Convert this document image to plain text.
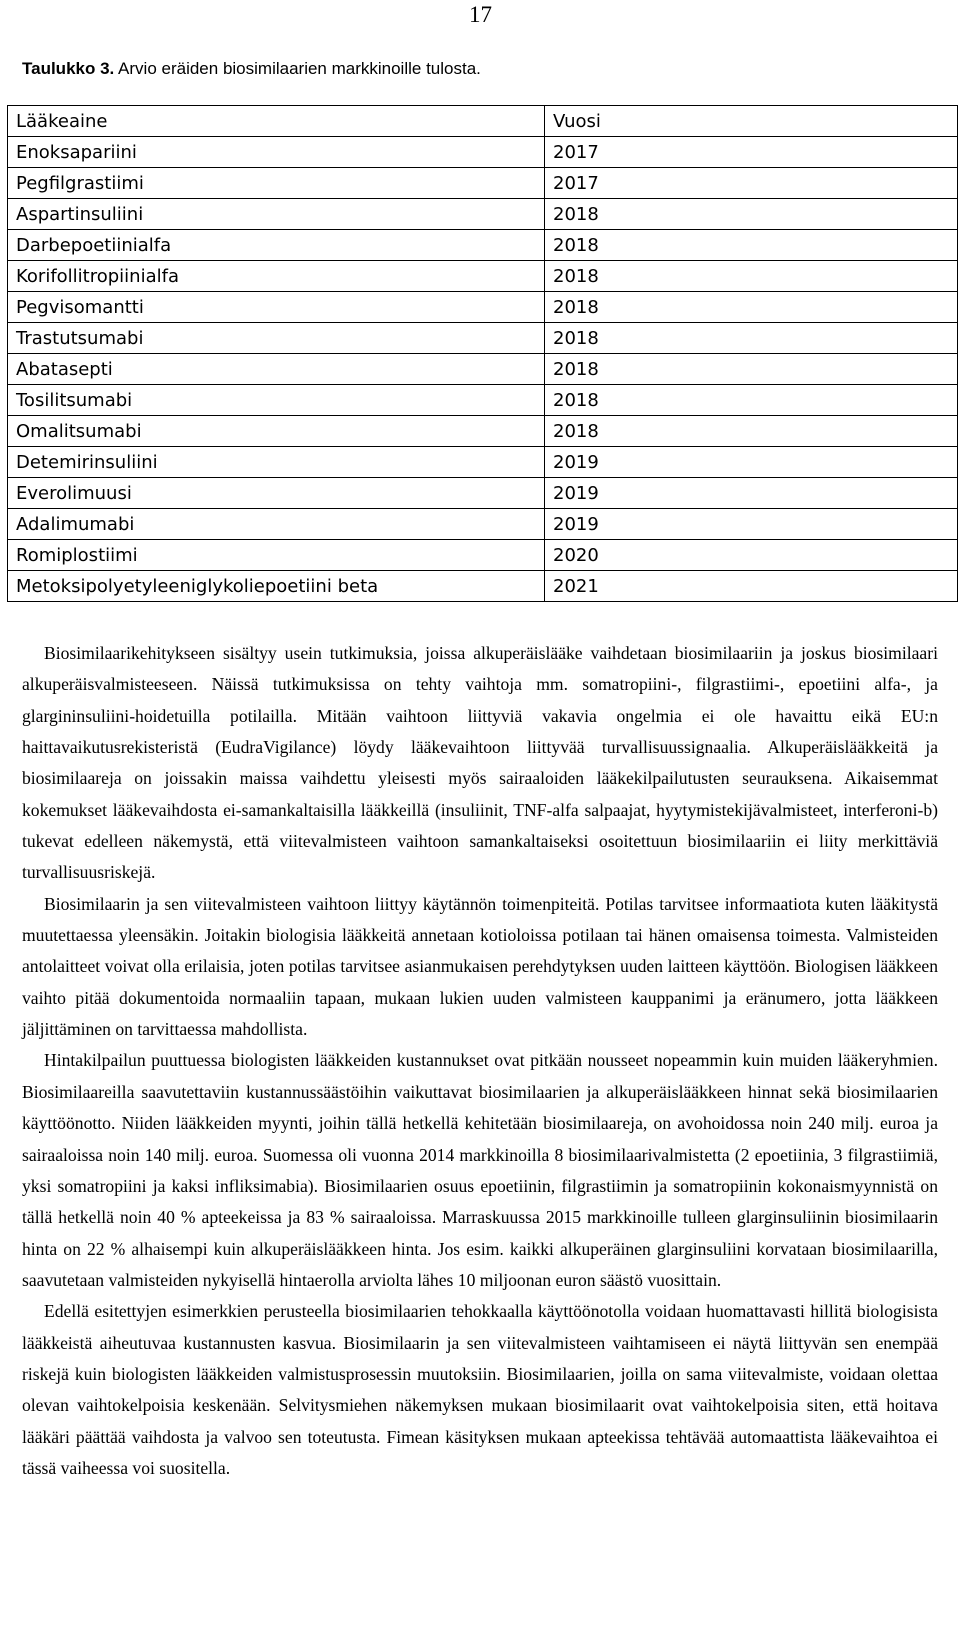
17
Taulukko 3. Arvio eräiden biosimilaarien markkinoille tulosta.
Lääkeaine	Vuosi
Enoksapariini	2017
Pegfilgrastiimi	2017
Aspartinsuliini	2018
Darbepoetiinialfa	2018
Korifollitropiinialfa	2018
Pegvisomantti	2018
Trastutsumabi	2018
Abatasepti	2018
Tosilitsumabi	2018
Omalitsumabi	2018
Detemirinsuliini	2019
Everolimuusi	2019
Adalimumabi	2019
Romiplostiimi	2020
Metoksipolyetyleeniglykoliepoetiini beta	2021

Biosimilaarikehitykseen sisältyy usein tutkimuksia, joissa alkuperäislääke vaihdetaan biosimilaariin ja joskus biosimilaari alkuperäisvalmisteeseen. Näissä tutkimuksissa on tehty vaihtoja mm. somatropiini-, filgrastiimi-, epoetiini alfa-, ja glargininsuliini-hoidetuilla potilailla. Mitään vaihtoon liittyviä vakavia ongelmia ei ole havaittu eikä EU:n haittavaikutusrekisteristä (EudraVigilance) löydy lääkevaihtoon liittyvää turvallisuussignaalia. Alkuperäislääkkeitä ja biosimilaareja on joissakin maissa vaihdettu yleisesti myös sairaaloiden lääkekilpailutusten seurauksena. Aikaisemmat kokemukset lääkevaihdosta ei-samankaltaisilla lääkkeillä (insuliinit, TNF-alfa salpaajat, hyytymistekijävalmisteet, interferoni-b) tukevat edelleen näkemystä, että viitevalmisteen vaihtoon samankaltaiseksi osoitettuun biosimilaariin ei liity merkittäviä turvallisuusriskejä.

Biosimilaarin ja sen viitevalmisteen vaihtoon liittyy käytännön toimenpiteitä. Potilas tarvitsee informaatiota kuten lääkitystä muutettaessa yleensäkin. Joitakin biologisia lääkkeitä annetaan kotioloissa potilaan tai hänen omaisensa toimesta. Valmisteiden antolaitteet voivat olla erilaisia, joten potilas tarvitsee asianmukaisen perehdytyksen uuden laitteen käyttöön. Biologisen lääkkeen vaihto pitää dokumentoida normaaliin tapaan, mukaan lukien uuden valmisteen kauppanimi ja eränumero, jotta lääkkeen jäljittäminen on tarvittaessa mahdollista.

Hintakilpailun puuttuessa biologisten lääkkeiden kustannukset ovat pitkään nousseet nopeammin kuin muiden lääkeryhmien. Biosimilaareilla saavutettaviin kustannussäästöihin vaikuttavat biosimilaarien ja alkuperäislääkkeen hinnat sekä biosimilaarien käyttöönotto. Niiden lääkkeiden myynti, joihin tällä hetkellä kehitetään biosimilaareja, on avohoidossa noin 240 milj. euroa ja sairaaloissa noin 140 milj. euroa. Suomessa oli vuonna 2014 markkinoilla 8 biosimilaarivalmistetta (2 epoetiinia, 3 filgrastiimiä, yksi somatropiini ja kaksi infliksimabia). Biosimilaarien osuus epoetiinin, filgrastiimin ja somatropiinin kokonaismyynnistä on tällä hetkellä noin 40 % apteekeissa ja 83 % sairaaloissa. Marraskuussa 2015 markkinoille tulleen glarginsuliinin biosimilaarin hinta on 22 % alhaisempi kuin alkuperäislääkkeen hinta. Jos esim. kaikki alkuperäinen glarginsuliini korvataan biosimilaarilla, saavutetaan valmisteiden nykyisellä hintaerolla arviolta lähes 10 miljoonan euron säästö vuosittain.

Edellä esitettyjen esimerkkien perusteella biosimilaarien tehokkaalla käyttöönotolla voidaan huomattavasti hillitä biologisista lääkkeistä aiheutuvaa kustannusten kasvua. Biosimilaarin ja sen viitevalmisteen vaihtamiseen ei näytä liittyvän sen enempää riskejä kuin biologisten lääkkeiden valmistusprosessin muutoksiin. Biosimilaarien, joilla on sama viitevalmiste, voidaan olettaa olevan vaihtokelpoisia keskenään. Selvitysmiehen näkemyksen mukaan biosimilaarit ovat vaihtokelpoisia siten, että hoitava lääkäri päättää vaihdosta ja valvoo sen toteutusta. Fimean käsityksen mukaan apteekissa tehtävää automaattista lääkevaihtoa ei tässä vaiheessa voi suositella.
